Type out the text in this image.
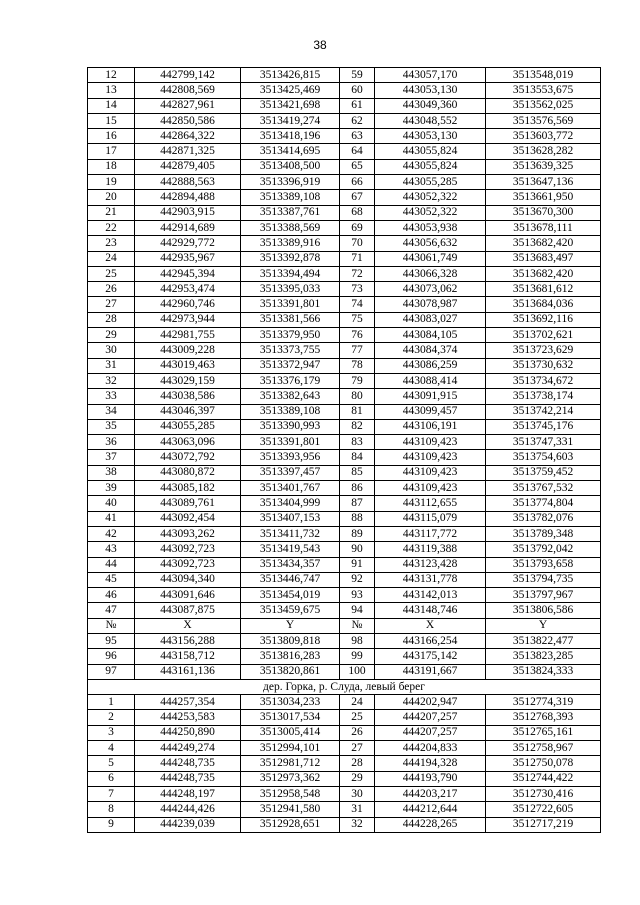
38
12	442799,142	3513426,815	59	443057,170	3513548,019
13	442808,569	3513425,469	60	443053,130	3513553,675
14	442827,961	3513421,698	61	443049,360	3513562,025
15	442850,586	3513419,274	62	443048,552	3513576,569
16	442864,322	3513418,196	63	443053,130	3513603,772
17	442871,325	3513414,695	64	443055,824	3513628,282
18	442879,405	3513408,500	65	443055,824	3513639,325
19	442888,563	3513396,919	66	443055,285	3513647,136
20	442894,488	3513389,108	67	443052,322	3513661,950
21	442903,915	3513387,761	68	443052,322	3513670,300
22	442914,689	3513388,569	69	443053,938	3513678,111
23	442929,772	3513389,916	70	443056,632	3513682,420
24	442935,967	3513392,878	71	443061,749	3513683,497
25	442945,394	3513394,494	72	443066,328	3513682,420
26	442953,474	3513395,033	73	443073,062	3513681,612
27	442960,746	3513391,801	74	443078,987	3513684,036
28	442973,944	3513381,566	75	443083,027	3513692,116
29	442981,755	3513379,950	76	443084,105	3513702,621
30	443009,228	3513373,755	77	443084,374	3513723,629
31	443019,463	3513372,947	78	443086,259	3513730,632
32	443029,159	3513376,179	79	443088,414	3513734,672
33	443038,586	3513382,643	80	443091,915	3513738,174
34	443046,397	3513389,108	81	443099,457	3513742,214
35	443055,285	3513390,993	82	443106,191	3513745,176
36	443063,096	3513391,801	83	443109,423	3513747,331
37	443072,792	3513393,956	84	443109,423	3513754,603
38	443080,872	3513397,457	85	443109,423	3513759,452
39	443085,182	3513401,767	86	443109,423	3513767,532
40	443089,761	3513404,999	87	443112,655	3513774,804
41	443092,454	3513407,153	88	443115,079	3513782,076
42	443093,262	3513411,732	89	443117,772	3513789,348
43	443092,723	3513419,543	90	443119,388	3513792,042
44	443092,723	3513434,357	91	443123,428	3513793,658
45	443094,340	3513446,747	92	443131,778	3513794,735
46	443091,646	3513454,019	93	443142,013	3513797,967
47	443087,875	3513459,675	94	443148,746	3513806,586
№	X	Y	№	X	Y
95	443156,288	3513809,818	98	443166,254	3513822,477
96	443158,712	3513816,283	99	443175,142	3513823,285
97	443161,136	3513820,861	100	443191,667	3513824,333
дер. Горка, р. Слуда, левый берег					
1	444257,354	3513034,233	24	444202,947	3512774,319
2	444253,583	3513017,534	25	444207,257	3512768,393
3	444250,890	3513005,414	26	444207,257	3512765,161
4	444249,274	3512994,101	27	444204,833	3512758,967
5	444248,735	3512981,712	28	444194,328	3512750,078
6	444248,735	3512973,362	29	444193,790	3512744,422
7	444248,197	3512958,548	30	444203,217	3512730,416
8	444244,426	3512941,580	31	444212,644	3512722,605
9	444239,039	3512928,651	32	444228,265	3512717,219
